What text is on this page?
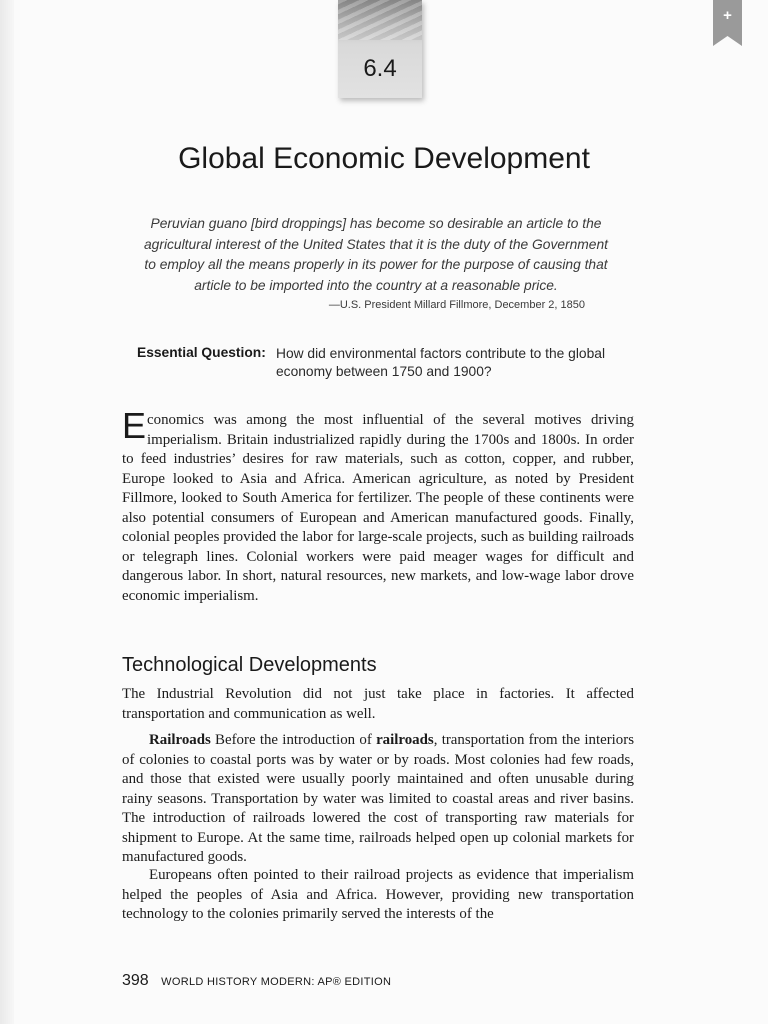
6.4
+
Global Economic Development

Peruvian guano [bird droppings] has become so desirable an article to the
agricultural interest of the United States that it is the duty of the Government
to employ all the means properly in its power for the purpose of causing that
article to be imported into the country at a reasonable price.

—U.S. President Millard Fillmore, December 2, 1850
Essential Question: How did environmental factors contribute to the global
economy between 1750 and 1900?

Economics was among the most influential of the several motives driving imperialism. Britain industrialized rapidly during the 1700s and 1800s. In order to feed industries’ desires for raw materials, such as cotton, copper, and rubber, Europe looked to Asia and Africa. American agriculture, as noted by President Fillmore, looked to South America for fertilizer. The people of these continents were also potential consumers of European and American manufactured goods. Finally, colonial peoples provided the labor for large-scale projects, such as building railroads or telegraph lines. Colonial workers were paid meager wages for difficult and dangerous labor. In short, natural resources, new markets, and low-wage labor drove economic imperialism.

Technological Developments

The Industrial Revolution did not just take place in factories. It affected transportation and communication as well.

Railroads Before the introduction of railroads, transportation from the interiors of colonies to coastal ports was by water or by roads. Most colonies had few roads, and those that existed were usually poorly maintained and often unusable during rainy seasons. Transportation by water was limited to coastal areas and river basins. The introduction of railroads lowered the cost of transporting raw materials for shipment to Europe. At the same time, railroads helped open up colonial markets for manufactured goods.

Europeans often pointed to their railroad projects as evidence that imperialism helped the peoples of Asia and Africa. However, providing new transportation technology to the colonies primarily served the interests of the

398 WORLD HISTORY MODERN: AP® EDITION
